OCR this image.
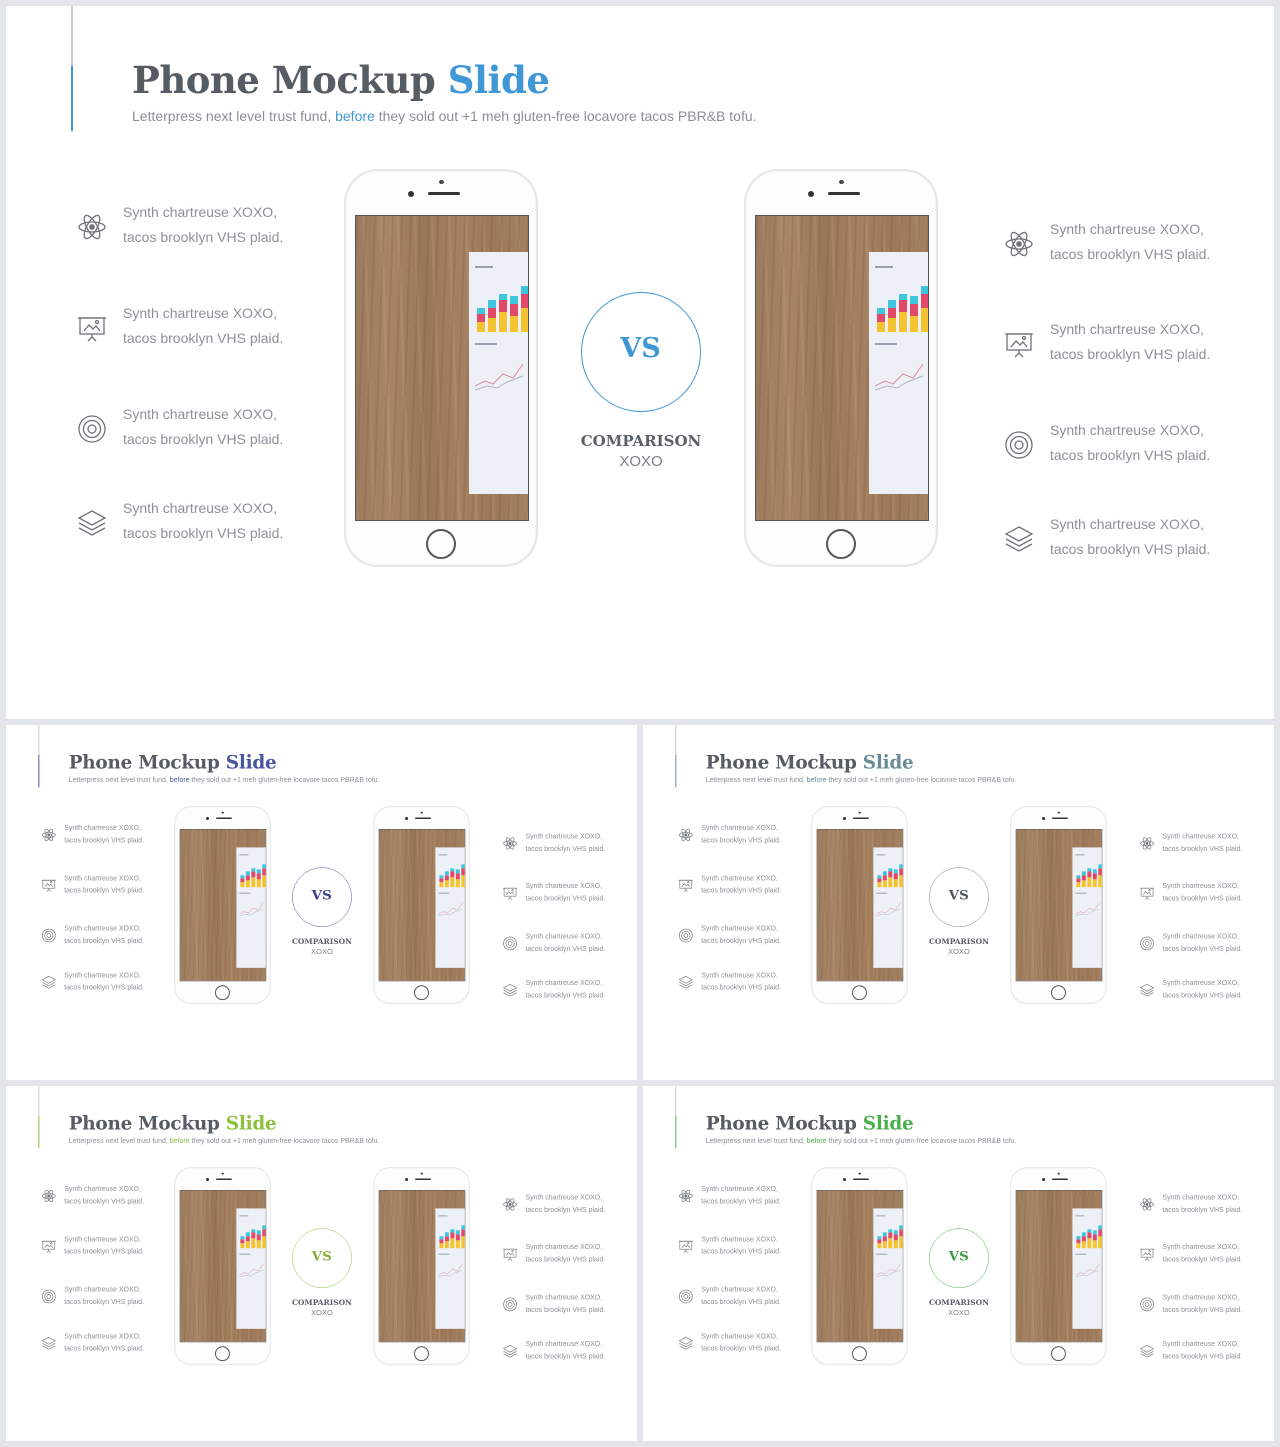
Phone Mockup Slide
Letterpress next level trust fund, before they sold out +1 meh gluten-free locavore tacos PBR&B tofu.
Synth chartreuse XOXO,
tacos brooklyn VHS plaid.
Synth chartreuse XOXO,
tacos brooklyn VHS plaid.
Synth chartreuse XOXO,
tacos brooklyn VHS plaid.
Synth chartreuse XOXO,
tacos brooklyn VHS plaid.
Synth chartreuse XOXO,
tacos brooklyn VHS plaid.
Synth chartreuse XOXO,
tacos brooklyn VHS plaid.
Synth chartreuse XOXO,
tacos brooklyn VHS plaid.
Synth chartreuse XOXO,
tacos brooklyn VHS plaid.
VS
COMPARISON
XOXO
Phone Mockup Slide
Letterpress next level trust fund, before they sold out +1 meh gluten-free locavore tacos PBR&B tofu.
Synth chartreuse XOXO,
tacos brooklyn VHS plaid.
Synth chartreuse XOXO,
tacos brooklyn VHS plaid.
Synth chartreuse XOXO,
tacos brooklyn VHS plaid.
Synth chartreuse XOXO,
tacos brooklyn VHS plaid.
Synth chartreuse XOXO,
tacos brooklyn VHS plaid.
Synth chartreuse XOXO,
tacos brooklyn VHS plaid.
Synth chartreuse XOXO,
tacos brooklyn VHS plaid.
Synth chartreuse XOXO,
tacos brooklyn VHS plaid.
VS
COMPARISON
XOXO
Phone Mockup Slide
Letterpress next level trust fund, before they sold out +1 meh gluten-free locavore tacos PBR&B tofu.
Synth chartreuse XOXO,
tacos brooklyn VHS plaid.
Synth chartreuse XOXO,
tacos brooklyn VHS plaid.
Synth chartreuse XOXO,
tacos brooklyn VHS plaid.
Synth chartreuse XOXO,
tacos brooklyn VHS plaid.
Synth chartreuse XOXO,
tacos brooklyn VHS plaid.
Synth chartreuse XOXO,
tacos brooklyn VHS plaid.
Synth chartreuse XOXO,
tacos brooklyn VHS plaid.
Synth chartreuse XOXO,
tacos brooklyn VHS plaid.
VS
COMPARISON
XOXO
Phone Mockup Slide
Letterpress next level trust fund, before they sold out +1 meh gluten-free locavore tacos PBR&B tofu.
Synth chartreuse XOXO,
tacos brooklyn VHS plaid.
Synth chartreuse XOXO,
tacos brooklyn VHS plaid.
Synth chartreuse XOXO,
tacos brooklyn VHS plaid.
Synth chartreuse XOXO,
tacos brooklyn VHS plaid.
Synth chartreuse XOXO,
tacos brooklyn VHS plaid.
Synth chartreuse XOXO,
tacos brooklyn VHS plaid.
Synth chartreuse XOXO,
tacos brooklyn VHS plaid.
Synth chartreuse XOXO,
tacos brooklyn VHS plaid.
VS
COMPARISON
XOXO
Phone Mockup Slide
Letterpress next level trust fund, before they sold out +1 meh gluten-free locavore tacos PBR&B tofu.
Synth chartreuse XOXO,
tacos brooklyn VHS plaid.
Synth chartreuse XOXO,
tacos brooklyn VHS plaid.
Synth chartreuse XOXO,
tacos brooklyn VHS plaid.
Synth chartreuse XOXO,
tacos brooklyn VHS plaid.
Synth chartreuse XOXO,
tacos brooklyn VHS plaid.
Synth chartreuse XOXO,
tacos brooklyn VHS plaid.
Synth chartreuse XOXO,
tacos brooklyn VHS plaid.
Synth chartreuse XOXO,
tacos brooklyn VHS plaid.
VS
COMPARISON
XOXO
